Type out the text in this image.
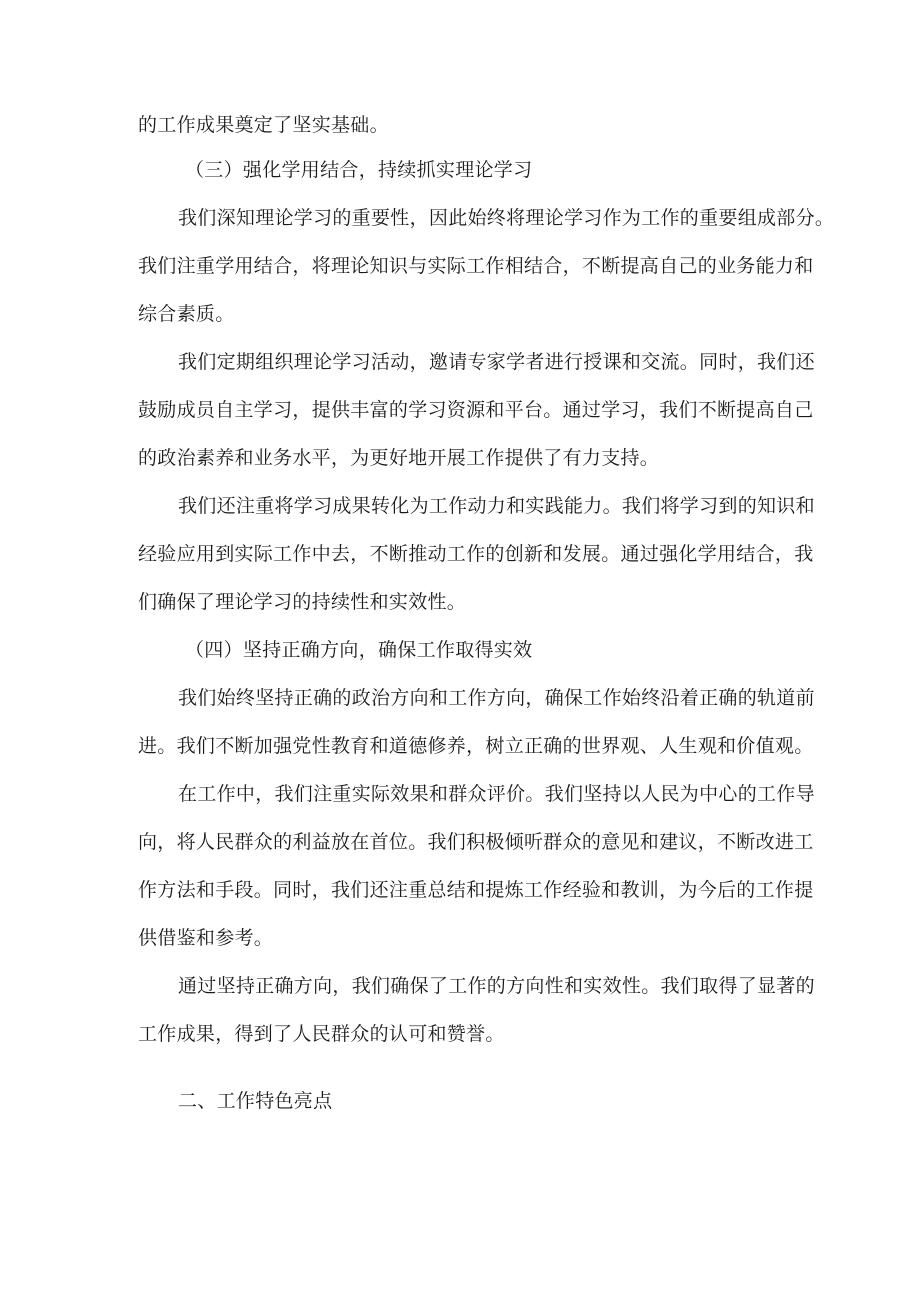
的工作成果奠定了坚实基础。
（三）强化学用结合，持续抓实理论学习
我们深知理论学习的重要性，因此始终将理论学习作为工作的重要组成部分。
我们注重学用结合，将理论知识与实际工作相结合，不断提高自己的业务能力和
综合素质。
我们定期组织理论学习活动，邀请专家学者进行授课和交流。同时，我们还
鼓励成员自主学习，提供丰富的学习资源和平台。通过学习，我们不断提高自己
的政治素养和业务水平，为更好地开展工作提供了有力支持。
我们还注重将学习成果转化为工作动力和实践能力。我们将学习到的知识和
经验应用到实际工作中去，不断推动工作的创新和发展。通过强化学用结合，我
们确保了理论学习的持续性和实效性。
（四）坚持正确方向，确保工作取得实效
我们始终坚持正确的政治方向和工作方向，确保工作始终沿着正确的轨道前
进。我们不断加强党性教育和道德修养，树立正确的世界观、人生观和价值观。
在工作中，我们注重实际效果和群众评价。我们坚持以人民为中心的工作导
向，将人民群众的利益放在首位。我们积极倾听群众的意见和建议，不断改进工
作方法和手段。同时，我们还注重总结和提炼工作经验和教训，为今后的工作提
供借鉴和参考。
通过坚持正确方向，我们确保了工作的方向性和实效性。我们取得了显著的
工作成果，得到了人民群众的认可和赞誉。
二、工作特色亮点
